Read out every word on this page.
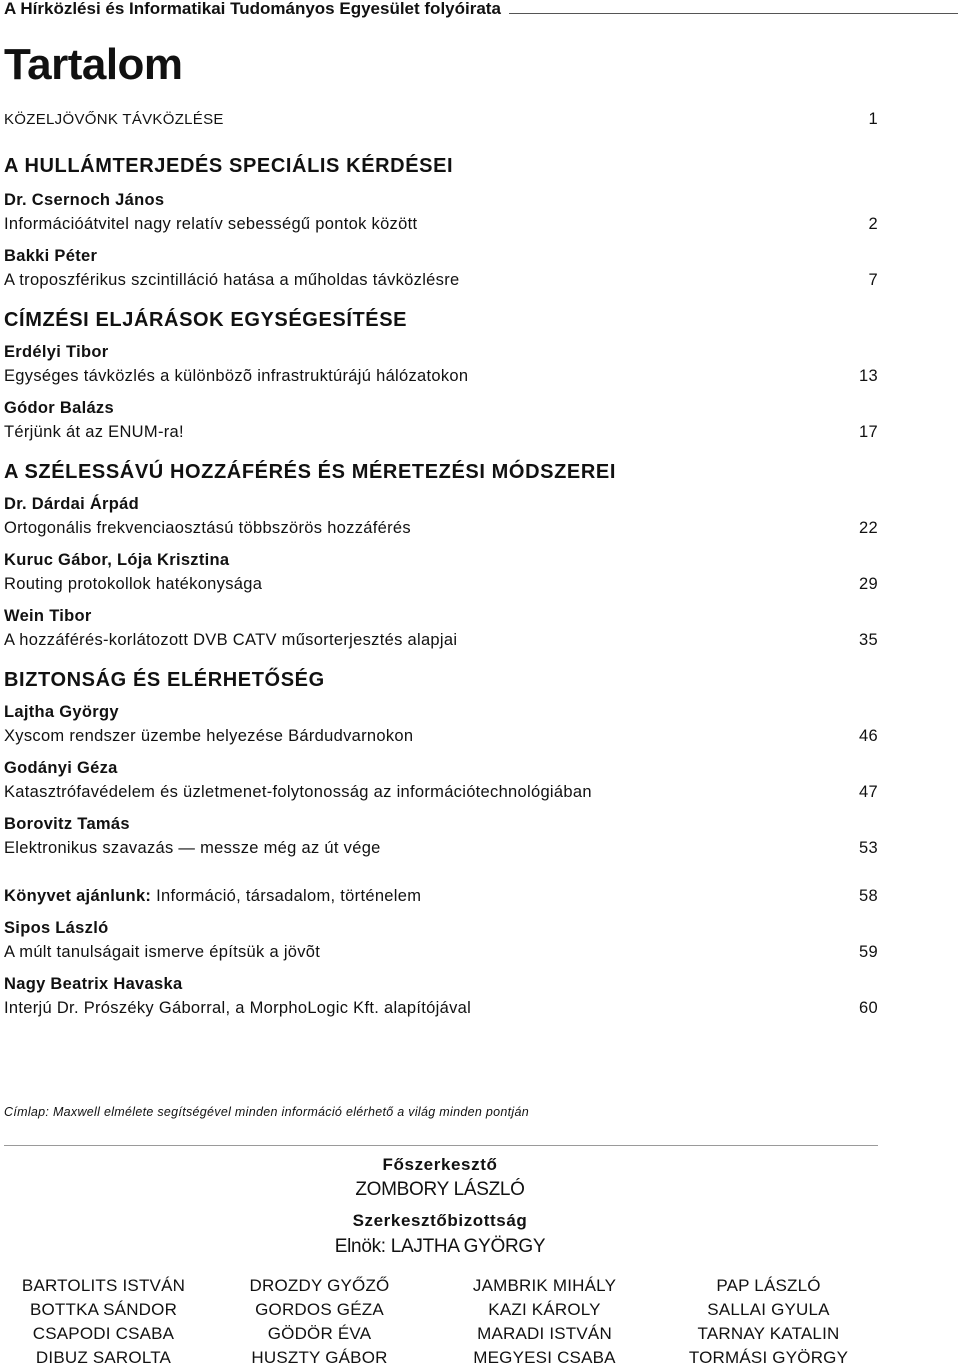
A Hírközlési és Informatikai Tudományos Egyesület folyóirata
Tartalom
KÖZELJÖVŐNK TÁVKÖZLÉSE	1
A HULLÁMTERJEDÉS SPECIÁLIS KÉRDÉSEI
Dr. Csernoch János
Információátvitel nagy relatív sebességű pontok között	2
Bakki Péter
A troposzférikus szcintilláció hatása a műholdas távközlésre	7
CÍMZÉSI ELJÁRÁSOK EGYSÉGESÍTÉSE
Erdélyi Tibor
Egységes távközlés a különbözõ infrastruktúrájú hálózatokon	13
Gódor Balázs
Térjünk át az ENUM-ra!	17
A SZÉLESSÁVÚ HOZZÁFÉRÉS ÉS MÉRETEZÉSI MÓDSZEREI
Dr. Dárdai Árpád
Ortogonális frekvenciaosztású többszörös hozzáférés	22
Kuruc Gábor, Lója Krisztina
Routing protokollok hatékonysága	29
Wein Tibor
A hozzáférés-korlátozott DVB CATV műsorterjesztés alapjai	35
BIZTONSÁG ÉS ELÉRHETŐSÉG
Lajtha György
Xyscom rendszer üzembe helyezése Bárdudvarnokon	46
Godányi Géza
Katasztrófavédelem és üzletmenet-folytonosság az információtechnológiában	47
Borovitz Tamás
Elektronikus szavazás — messze még az út vége	53
Könyvet ajánlunk: Információ, társadalom, történelem	58
Sipos László
A múlt tanulságait ismerve építsük a jövõt	59
Nagy Beatrix Havaska
Interjú Dr. Prószéky Gáborral, a MorphoLogic Kft. alapítójával	60
Címlap: Maxwell elmélete segítségével minden információ elérhető a világ minden pontján
Főszerkesztő
ZOMBORY LÁSZLÓ
Szerkesztőbizottság
Elnök: LAJTHA GYÖRGY
BARTOLITS ISTVÁN	DROZDY GYŐZŐ	JAMBRIK MIHÁLY	PAP LÁSZLÓ
BOTTKA SÁNDOR	GORDOS GÉZA	KAZI KÁROLY	SALLAI GYULA
CSAPODI CSABA	GÖDÖR ÉVA	MARADI ISTVÁN	TARNAY KATALIN
DIBUZ SAROLTA	HUSZTY GÁBOR	MEGYESI CSABA	TORMÁSI GYÖRGY
